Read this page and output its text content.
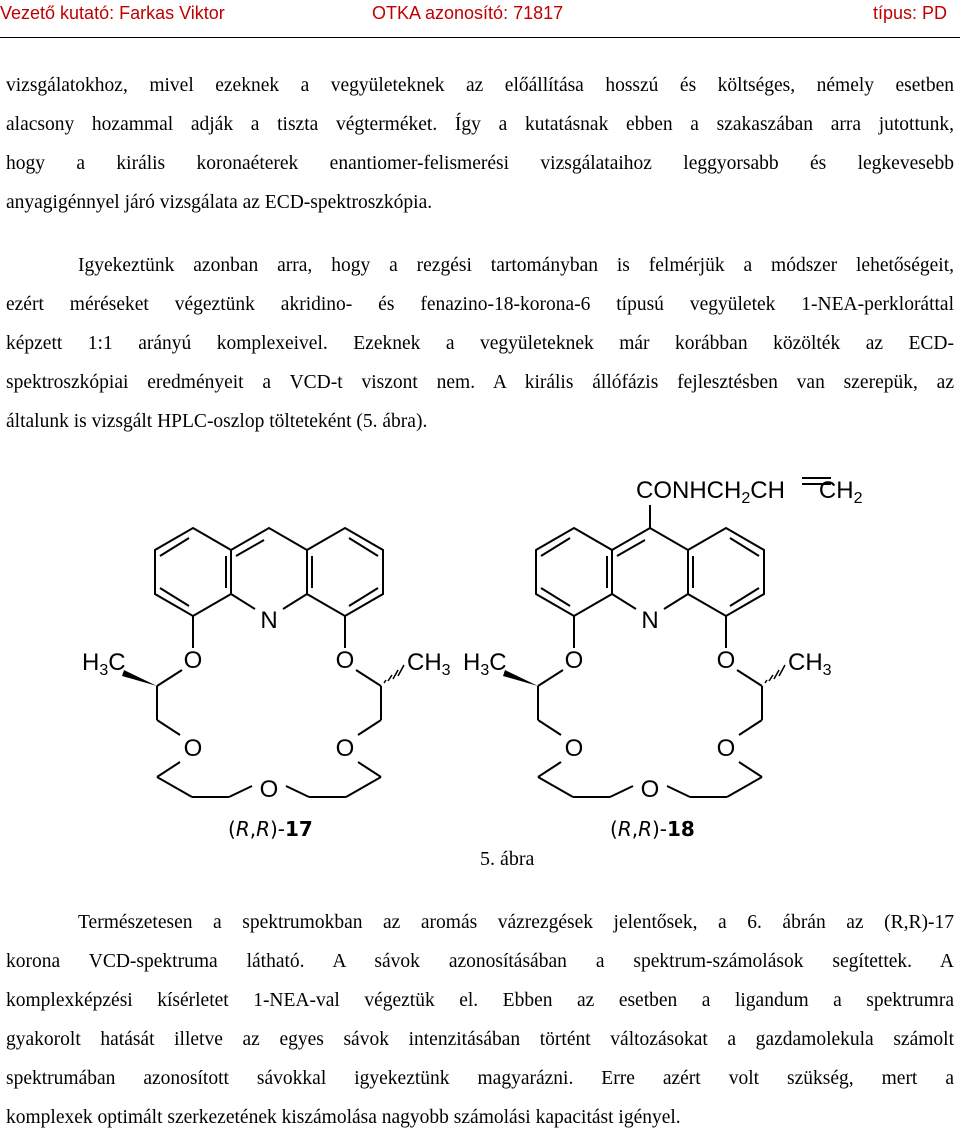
Vezető kutató: Farkas Viktor	OTKA azonosító: 71817	típus: PD
vizsgálatokhoz, mivel ezeknek a vegyületeknek az előállítása hosszú és költséges, némely esetben
alacsony hozammal adják a tiszta végterméket. Így a kutatásnak ebben a szakaszában arra jutottunk,
hogy a királis koronaéterek enantiomer-felismerési vizsgálataihoz leggyorsabb és legkevesebb
anyagigénnyel járó vizsgálata az ECD-spektroszkópia.
Igyekeztünk azonban arra, hogy a rezgési tartományban is felmérjük a módszer lehetőségeit,
ezért méréseket végeztünk akridino- és fenazino-18-korona-6 típusú vegyületek 1-NEA-perkloráttal
képzett 1:1 arányú komplexeivel. Ezeknek a vegyületeknek már korábban közölték az ECD-
spektroszkópiai eredményeit a VCD-t viszont nem. A királis állófázis fejlesztésben van szerepük, az
általunk is vizsgált HPLC-oszlop tölteteként (5. ábra).
N
O	O
O	O
O
$H_3C$	$CH_3$
N
O	O
O	O
O
$H_3C$	$CH_3$
$CONHCH_2CH$ $CH_2$
(R,R)-17	(R,R)-18
5. ábra
Természetesen a spektrumokban az aromás vázrezgések jelentősek, a 6. ábrán az (R,R)-17
korona VCD-spektruma látható. A sávok azonosításában a spektrum-számolások segítettek. A
komplexképzési kísérletet 1-NEA-val végeztük el. Ebben az esetben a ligandum a spektrumra
gyakorolt hatását illetve az egyes sávok intenzitásában történt változásokat a gazdamolekula számolt
spektrumában azonosított sávokkal igyekeztünk magyarázni. Erre azért volt szükség, mert a
komplexek optimált szerkezetének kiszámolása nagyobb számolási kapacitást igényel.
